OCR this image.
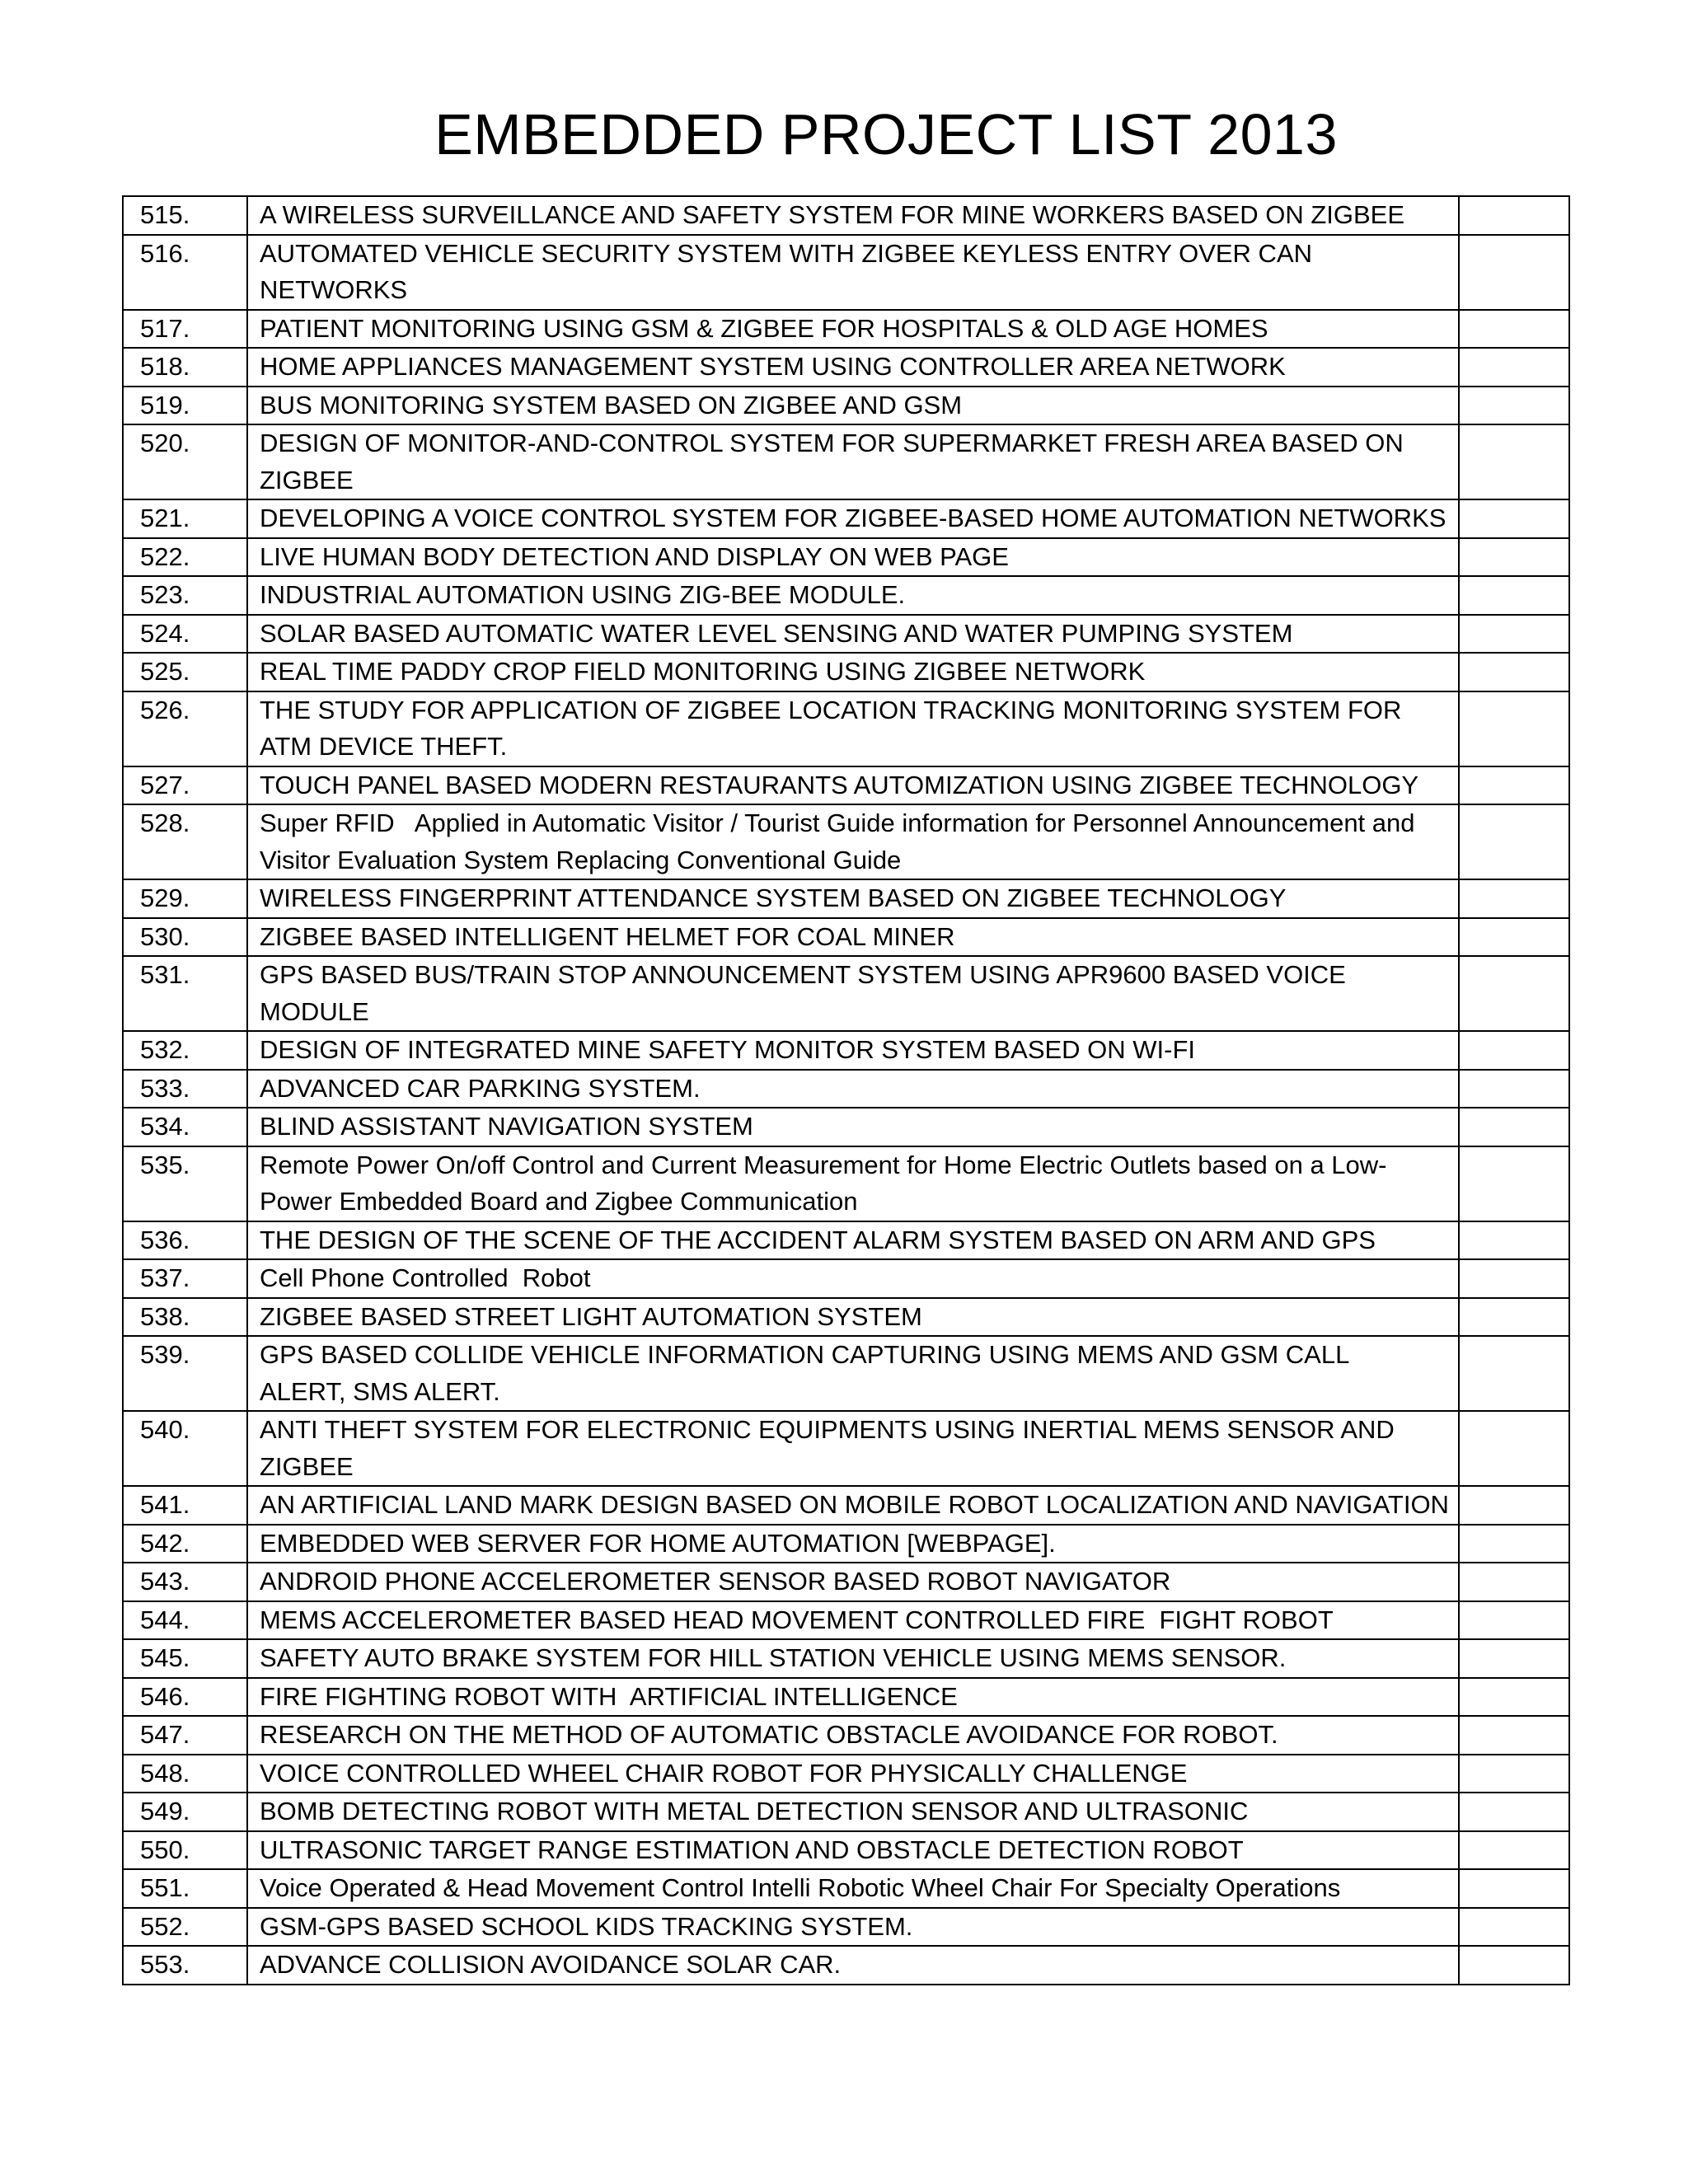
EMBEDDED PROJECT LIST 2013
515.	A WIRELESS SURVEILLANCE AND SAFETY SYSTEM FOR MINE WORKERS BASED ON ZIGBEE	
516.	AUTOMATED VEHICLE SECURITY SYSTEM WITH ZIGBEE KEYLESS ENTRY OVER CAN NETWORKS	
517.	PATIENT MONITORING USING GSM & ZIGBEE FOR HOSPITALS & OLD AGE HOMES	
518.	HOME APPLIANCES MANAGEMENT SYSTEM USING CONTROLLER AREA NETWORK	
519.	BUS MONITORING SYSTEM BASED ON ZIGBEE AND GSM	
520.	DESIGN OF MONITOR-AND-CONTROL SYSTEM FOR SUPERMARKET FRESH AREA BASED ON ZIGBEE	
521.	DEVELOPING A VOICE CONTROL SYSTEM FOR ZIGBEE-BASED HOME AUTOMATION NETWORKS	
522.	LIVE HUMAN BODY DETECTION AND DISPLAY ON WEB PAGE	
523.	INDUSTRIAL AUTOMATION USING ZIG-BEE MODULE.	
524.	SOLAR BASED AUTOMATIC WATER LEVEL SENSING AND WATER PUMPING SYSTEM	
525.	REAL TIME PADDY CROP FIELD MONITORING USING ZIGBEE NETWORK	
526.	THE STUDY FOR APPLICATION OF ZIGBEE LOCATION TRACKING MONITORING SYSTEM FOR ATM DEVICE THEFT.	
527.	TOUCH PANEL BASED MODERN RESTAURANTS AUTOMIZATION USING ZIGBEE TECHNOLOGY	
528.	Super RFID   Applied in Automatic Visitor / Tourist Guide information for Personnel Announcement and Visitor Evaluation System Replacing Conventional Guide	
529.	WIRELESS FINGERPRINT ATTENDANCE SYSTEM BASED ON ZIGBEE TECHNOLOGY	
530.	ZIGBEE BASED INTELLIGENT HELMET FOR COAL MINER	
531.	GPS BASED BUS/TRAIN STOP ANNOUNCEMENT SYSTEM USING APR9600 BASED VOICE MODULE	
532.	DESIGN OF INTEGRATED MINE SAFETY MONITOR SYSTEM BASED ON WI-FI	
533.	ADVANCED CAR PARKING SYSTEM.	
534.	BLIND ASSISTANT NAVIGATION SYSTEM	
535.	Remote Power On/off Control and Current Measurement for Home Electric Outlets based on a Low-Power Embedded Board and Zigbee Communication	
536.	THE DESIGN OF THE SCENE OF THE ACCIDENT ALARM SYSTEM BASED ON ARM AND GPS	
537.	Cell Phone Controlled  Robot	
538.	ZIGBEE BASED STREET LIGHT AUTOMATION SYSTEM	
539.	GPS BASED COLLIDE VEHICLE INFORMATION CAPTURING USING MEMS AND GSM CALL    ALERT, SMS ALERT.	
540.	ANTI THEFT SYSTEM FOR ELECTRONIC EQUIPMENTS USING INERTIAL MEMS SENSOR AND ZIGBEE	
541.	AN ARTIFICIAL LAND MARK DESIGN BASED ON MOBILE ROBOT LOCALIZATION AND NAVIGATION	
542.	EMBEDDED WEB SERVER FOR HOME AUTOMATION [WEBPAGE].	
543.	ANDROID PHONE ACCELEROMETER SENSOR BASED ROBOT NAVIGATOR	
544.	MEMS ACCELEROMETER BASED HEAD MOVEMENT CONTROLLED FIRE  FIGHT ROBOT	
545.	SAFETY AUTO BRAKE SYSTEM FOR HILL STATION VEHICLE USING MEMS SENSOR.	
546.	FIRE FIGHTING ROBOT WITH  ARTIFICIAL INTELLIGENCE	
547.	RESEARCH ON THE METHOD OF AUTOMATIC OBSTACLE AVOIDANCE FOR ROBOT.	
548.	VOICE CONTROLLED WHEEL CHAIR ROBOT FOR PHYSICALLY CHALLENGE	
549.	BOMB DETECTING ROBOT WITH METAL DETECTION SENSOR AND ULTRASONIC	
550.	ULTRASONIC TARGET RANGE ESTIMATION AND OBSTACLE DETECTION ROBOT	
551.	Voice Operated & Head Movement Control Intelli Robotic Wheel Chair For Specialty Operations	
552.	GSM-GPS BASED SCHOOL KIDS TRACKING SYSTEM.	
553.	ADVANCE COLLISION AVOIDANCE SOLAR CAR.	
